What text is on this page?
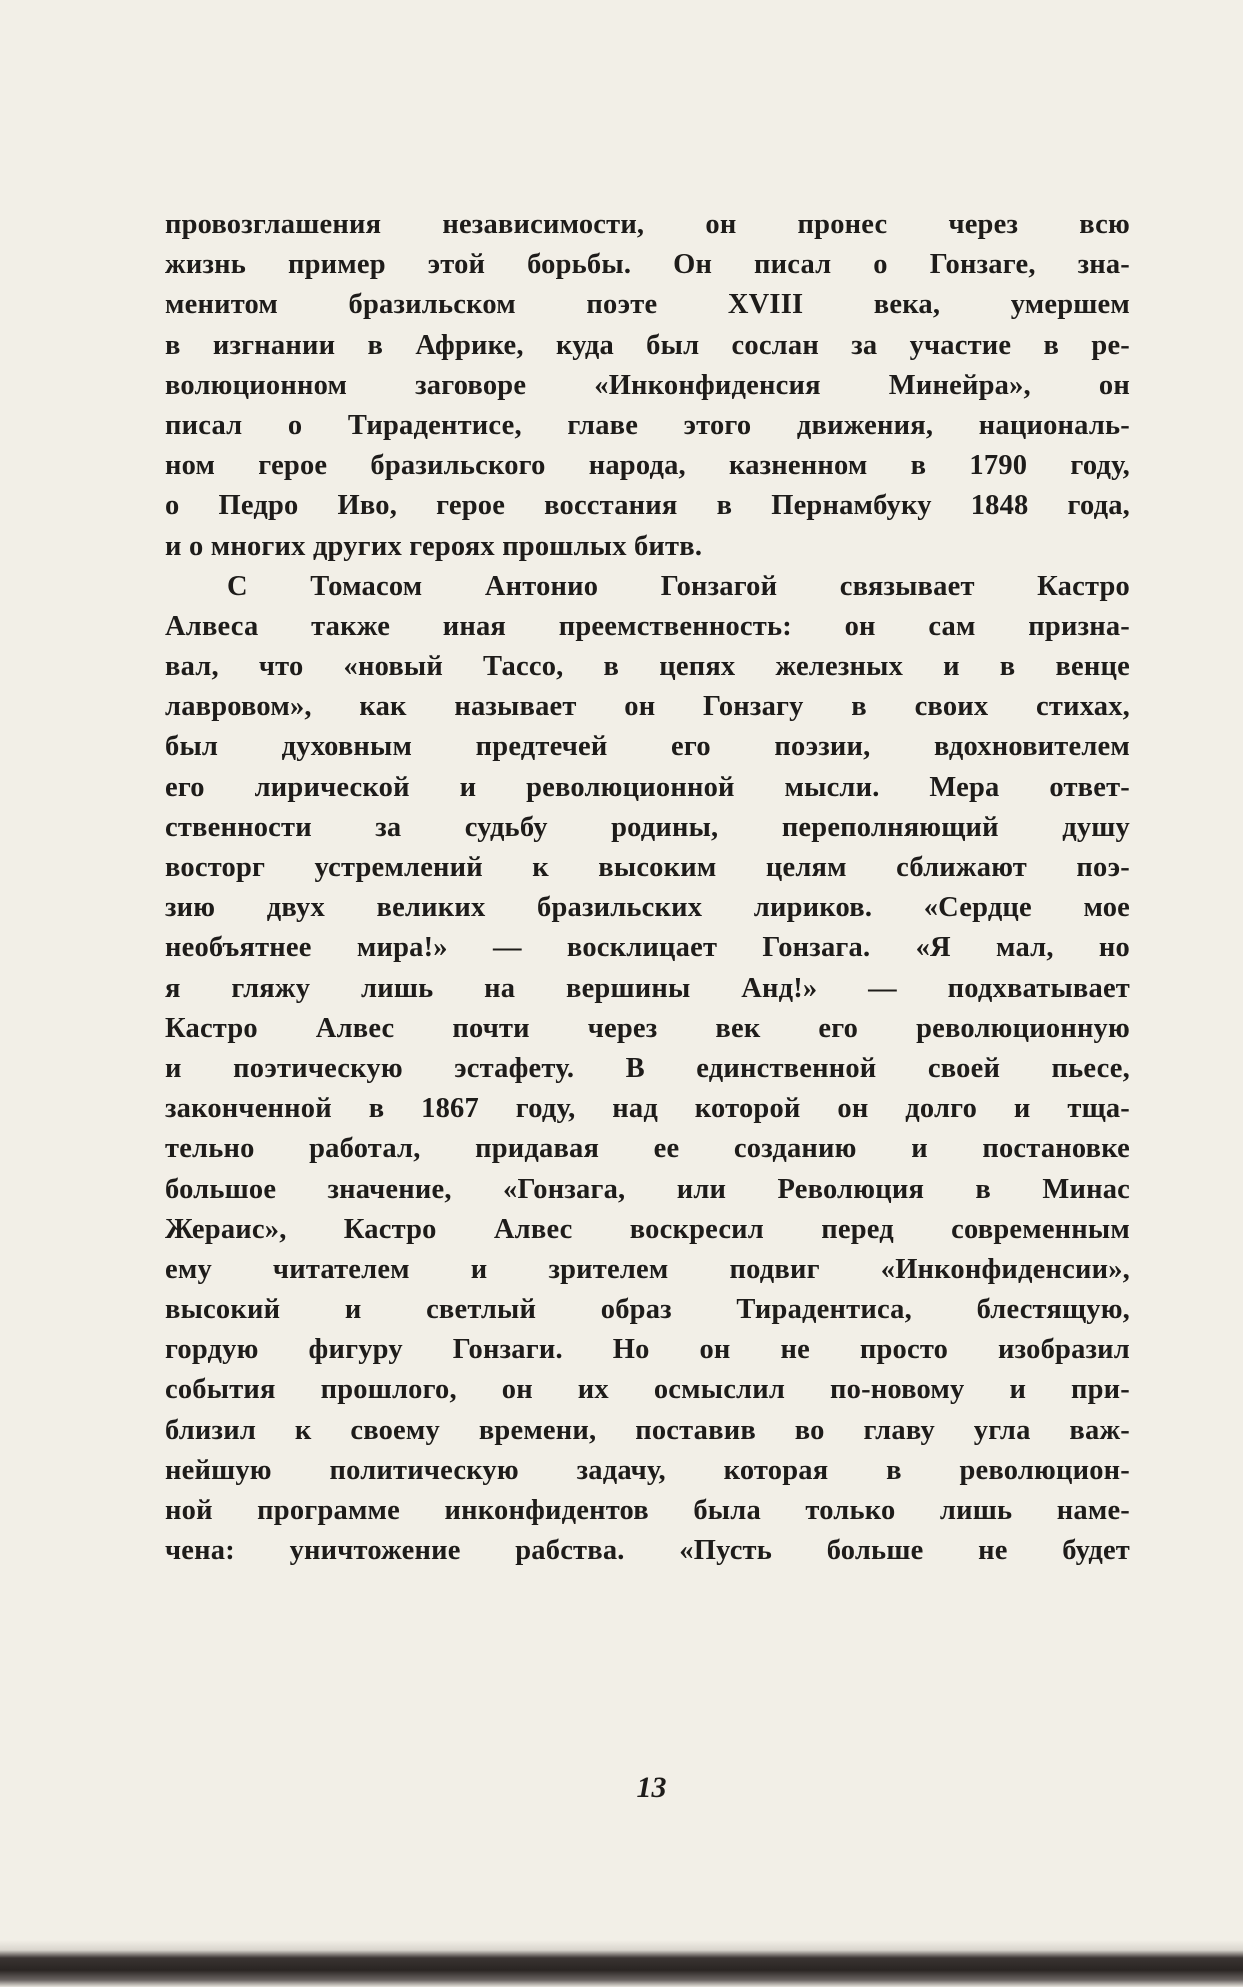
провозглашения независимости, он пронес через всю
жизнь пример этой борьбы. Он писал о Гонзаге, зна-
менитом бразильском поэте XVIII века, умершем
в изгнании в Африке, куда был сослан за участие в ре-
волюционном заговоре «Инконфиденсия Минейра», он
писал о Тирадентисе, главе этого движения, националь-
ном герое бразильского народа, казненном в 1790 году,
о Педро Иво, герое восстания в Пернамбуку 1848 года,
и о многих других героях прошлых битв.
С Томасом Антонио Гонзагой связывает Кастро
Алвеса также иная преемственность: он сам призна-
вал, что «новый Тассо, в цепях железных и в венце
лавровом», как называет он Гонзагу в своих стихах,
был духовным предтечей его поэзии, вдохновителем
его лирической и революционной мысли. Мера ответ-
ственности за судьбу родины, переполняющий душу
восторг устремлений к высоким целям сближают поэ-
зию двух великих бразильских лириков. «Сердце мое
необъятнее мира!» — восклицает Гонзага. «Я мал, но
я гляжу лишь на вершины Анд!» — подхватывает
Кастро Алвес почти через век его революционную
и поэтическую эстафету. В единственной своей пьесе,
законченной в 1867 году, над которой он долго и тща-
тельно работал, придавая ее созданию и постановке
большое значение, «Гонзага, или Революция в Минас
Жераис», Кастро Алвес воскресил перед современным
ему читателем и зрителем подвиг «Инконфиденсии»,
высокий и светлый образ Тирадентиса, блестящую,
гордую фигуру Гонзаги. Но он не просто изобразил
события прошлого, он их осмыслил по-новому и при-
близил к своему времени, поставив во главу угла важ-
нейшую политическую задачу, которая в революцион-
ной программе инконфидентов была только лишь наме-
чена: уничтожение рабства. «Пусть больше не будет
13
